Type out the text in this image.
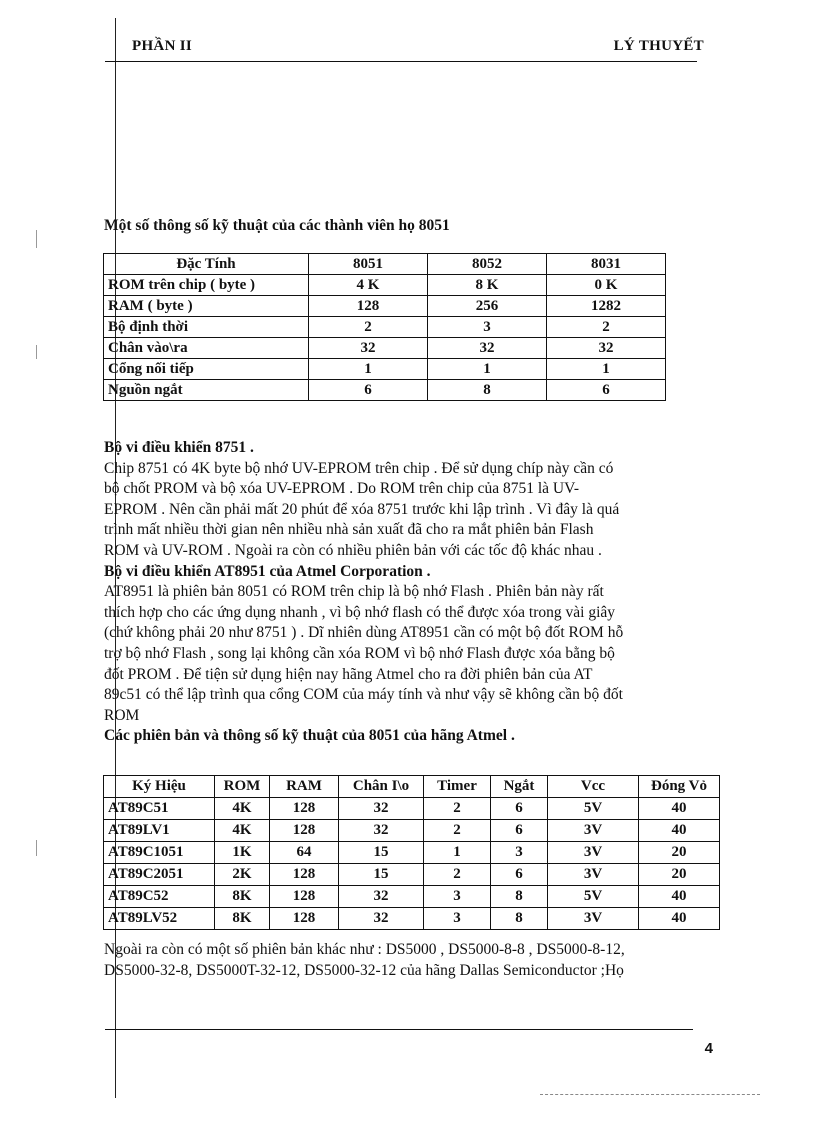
PHẦN II	LÝ THUYẾT
Một số thông số kỹ thuật của các thành viên họ 8051
Đặc Tính	8051	8052	8031
ROM trên chip ( byte )	4 K	8 K	0 K
RAM ( byte )	128	256	1282
Bộ định thời	2	3	2
Chân vào\ra	32	32	32
Cổng nối tiếp	1	1	1
Nguồn ngắt	6	8	6
Bộ vi điều khiển 8751 .
Chip 8751 có 4K byte bộ nhớ UV-EPROM trên chip . Để sử dụng chíp này cần có
bộ chốt PROM và bộ xóa UV-EPROM . Do ROM trên chip của 8751 là UV-
EPROM . Nên cần phải mất 20 phút để xóa 8751 trước khi lập trình . Vì đây là quá
trình mất nhiều thời gian nên nhiều nhà sản xuất đã cho ra mắt phiên bản Flash
ROM và UV-ROM . Ngoài ra còn có nhiều phiên bản với các tốc độ khác nhau .
Bộ vi điều khiển AT8951 của Atmel Corporation .
AT8951 là phiên bản 8051 có ROM trên chip là bộ nhớ Flash . Phiên bản này rất
thích hợp cho các ứng dụng nhanh , vì bộ nhớ flash có thể được xóa trong vài giây
(chứ không phải 20 như 8751 ) . Dĩ nhiên dùng AT8951 cần có một bộ đốt ROM hỗ
trợ bộ nhớ Flash , song lại không cần xóa ROM vì bộ nhớ Flash được xóa bằng bộ
đốt PROM . Để tiện sử dụng hiện nay hãng Atmel cho ra đời phiên bản của AT
89c51 có thể lập trình qua cổng COM của máy tính và như vậy sẽ không cần bộ đốt
ROM
Các phiên bản và thông số kỹ thuật của 8051 của hãng Atmel .
Ký Hiệu	ROM	RAM	Chân I\o	Timer	Ngắt	Vcc	Đóng Vỏ
AT89C51	4K	128	32	2	6	5V	40
AT89LV1	4K	128	32	2	6	3V	40
AT89C1051	1K	64	15	1	3	3V	20
AT89C2051	2K	128	15	2	6	3V	20
AT89C52	8K	128	32	3	8	5V	40
AT89LV52	8K	128	32	3	8	3V	40
Ngoài ra còn có một số phiên bản khác như : DS5000 , DS5000-8-8 , DS5000-8-12,
DS5000-32-8, DS5000T-32-12, DS5000-32-12 của hãng Dallas Semiconductor ;Họ
4
